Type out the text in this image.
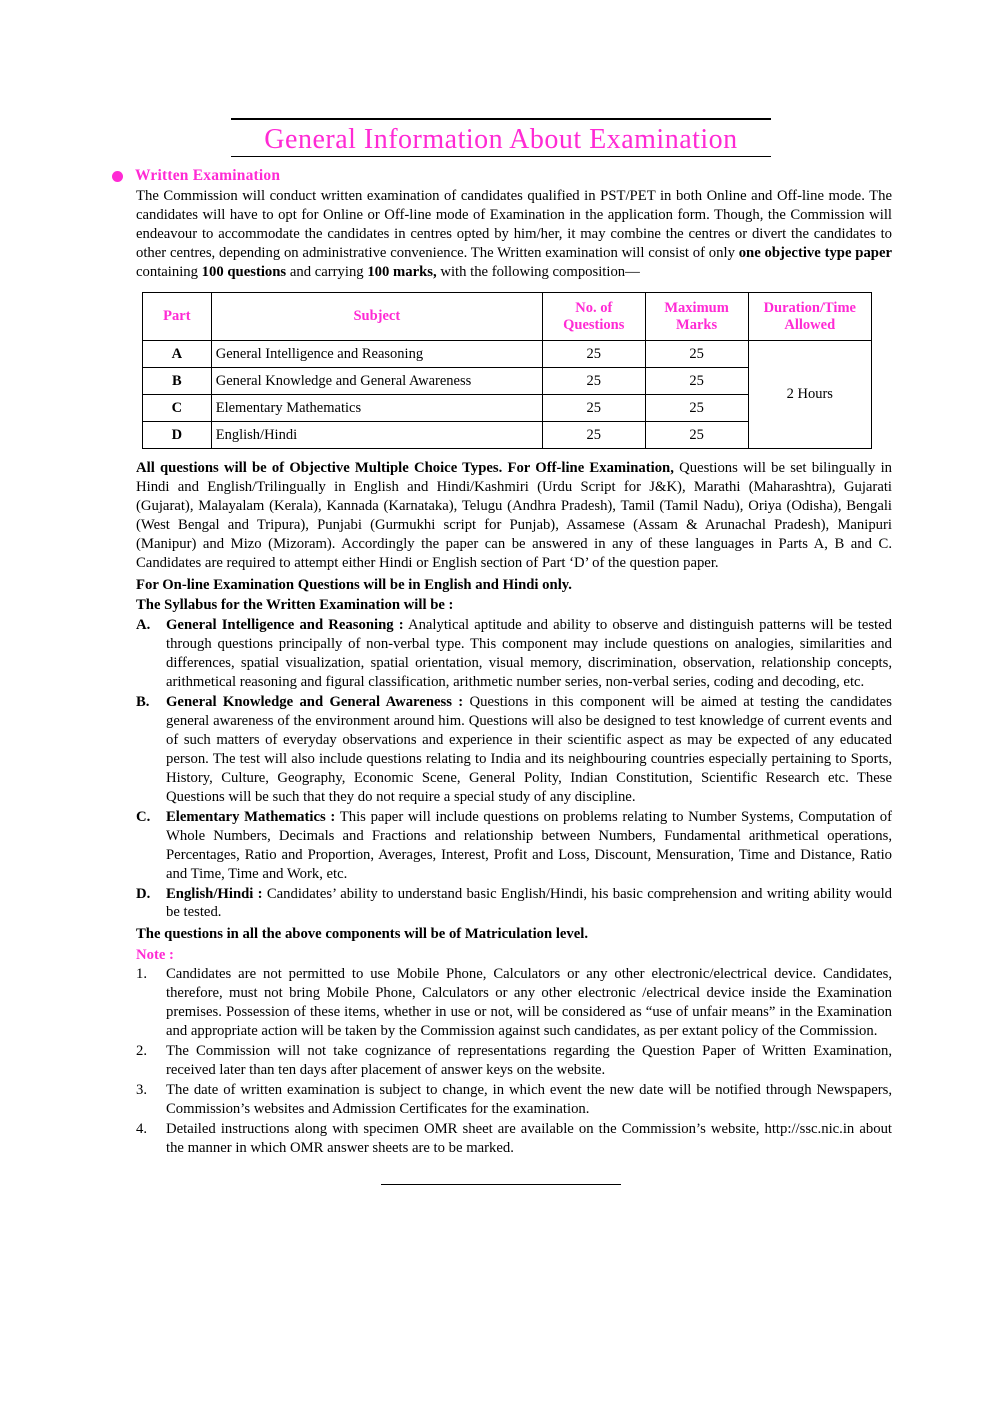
General Information About Examination
Written Examination

The Commission will conduct written examination of candidates qualified in PST/PET in both Online and Off-line mode. The candidates will have to opt for Online or Off-line mode of Examination in the application form. Though, the Commission will endeavour to accommodate the candidates in centres opted by him/her, it may combine the centres or divert the candidates to other centres, depending on administrative convenience. The Written examination will consist of only one objective type paper containing 100 questions and carrying 100 marks, with the following composition—

Part	Subject	No. of Questions	Maximum Marks	Duration/Time Allowed
A	General Intelligence and Reasoning	25	25	2 Hours
B	General Knowledge and General Awareness	25	25	
C	Elementary Mathematics	25	25	
D	English/Hindi	25	25	

All questions will be of Objective Multiple Choice Types. For Off-line Examination, Questions will be set bilingually in Hindi and English/Trilingually in English and Hindi/Kashmiri (Urdu Script for J&K), Marathi (Maharashtra), Gujarati (Gujarat), Malayalam (Kerala), Kannada (Karnataka), Telugu (Andhra Pradesh), Tamil (Tamil Nadu), Oriya (Odisha), Bengali (West Bengal and Tripura), Punjabi (Gurmukhi script for Punjab), Assamese (Assam & Arunachal Pradesh), Manipuri (Manipur) and Mizo (Mizoram). Accordingly the paper can be answered in any of these languages in Parts A, B and C. Candidates are required to attempt either Hindi or English section of Part ‘D’ of the question paper.

For On-line Examination Questions will be in English and Hindi only.
The Syllabus for the Written Examination will be :
A.	General Intelligence and Reasoning : Analytical aptitude and ability to observe and distinguish patterns will be tested through questions principally of non-verbal type. This component may include questions on analogies, similarities and differences, spatial visualization, spatial orientation, visual memory, discrimination, observation, relationship concepts, arithmetical reasoning and figural classification, arithmetic number series, non-verbal series, coding and decoding, etc.
B.	General Knowledge and General Awareness : Questions in this component will be aimed at testing the candidates general awareness of the environment around him. Questions will also be designed to test knowledge of current events and of such matters of everyday observations and experience in their scientific aspect as may be expected of any educated person. The test will also include questions relating to India and its neighbouring countries especially pertaining to Sports, History, Culture, Geography, Economic Scene, General Polity, Indian Constitution, Scientific Research etc. These Questions will be such that they do not require a special study of any discipline.
C.	Elementary Mathematics : This paper will include questions on problems relating to Number Systems, Computation of Whole Numbers, Decimals and Fractions and relationship between Numbers, Fundamental arithmetical operations, Percentages, Ratio and Proportion, Averages, Interest, Profit and Loss, Discount, Mensuration, Time and Distance, Ratio and Time, Time and Work, etc.
D.	English/Hindi : Candidates’ ability to understand basic English/Hindi, his basic comprehension and writing ability would be tested.
The questions in all the above components will be of Matriculation level.
Note :
1.	Candidates are not permitted to use Mobile Phone, Calculators or any other electronic/electrical device. Candidates, therefore, must not bring Mobile Phone, Calculators or any other electronic /electrical device inside the Examination premises. Possession of these items, whether in use or not, will be considered as “use of unfair means” in the Examination and appropriate action will be taken by the Commission against such candidates, as per extant policy of the Commission.
2.	The Commission will not take cognizance of representations regarding the Question Paper of Written Examination, received later than ten days after placement of answer keys on the website.
3.	The date of written examination is subject to change, in which event the new date will be notified through Newspapers, Commission’s websites and Admission Certificates for the examination.
4.	Detailed instructions along with specimen OMR sheet are available on the Commission’s website, http://ssc.nic.in about the manner in which OMR answer sheets are to be marked.
